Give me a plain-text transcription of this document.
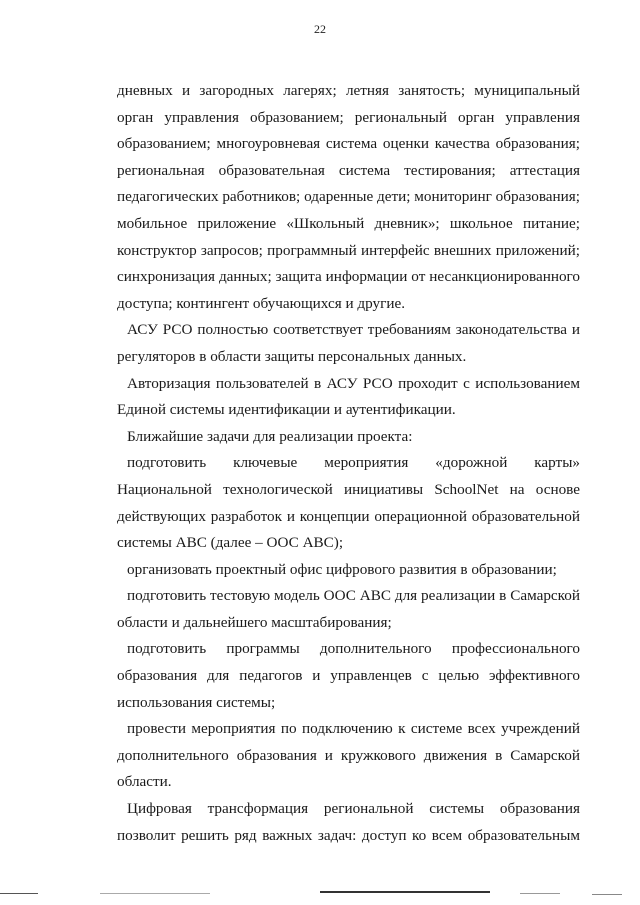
22

дневных и загородных лагерях; летняя занятость; муниципальный орган управления образованием; региональный орган управления образованием; многоуровневая система оценки качества образования; региональная образовательная система тестирования; аттестация педагогических работников; одаренные дети; мониторинг образования; мобильное приложение «Школьный дневник»; школьное питание; конструктор запросов; программный интерфейс внешних приложений; синхронизация данных; защита информации от несанкционированного доступа; контингент обучающихся и другие.

АСУ РСО полностью соответствует требованиям законодательства и регуляторов в области защиты персональных данных.

Авторизация пользователей в АСУ РСО проходит с использованием Единой системы идентификации и аутентификации.

Ближайшие задачи для реализации проекта:

подготовить ключевые мероприятия «дорожной карты» Национальной технологической инициативы SchoolNet на основе действующих разработок и концепции операционной образовательной системы АВС (далее – ООС АВС);

организовать проектный офис цифрового развития в образовании;

подготовить тестовую модель ООС АВС для реализации в Самарской области и дальнейшего масштабирования;

подготовить программы дополнительного профессионального образования для педагогов и управленцев с целью эффективного использования системы;

провести мероприятия по подключению к системе всех учреждений дополнительного образования и кружкового движения в Самарской области.

Цифровая трансформация региональной системы образования позволит решить ряд важных задач: доступ ко всем образовательным
